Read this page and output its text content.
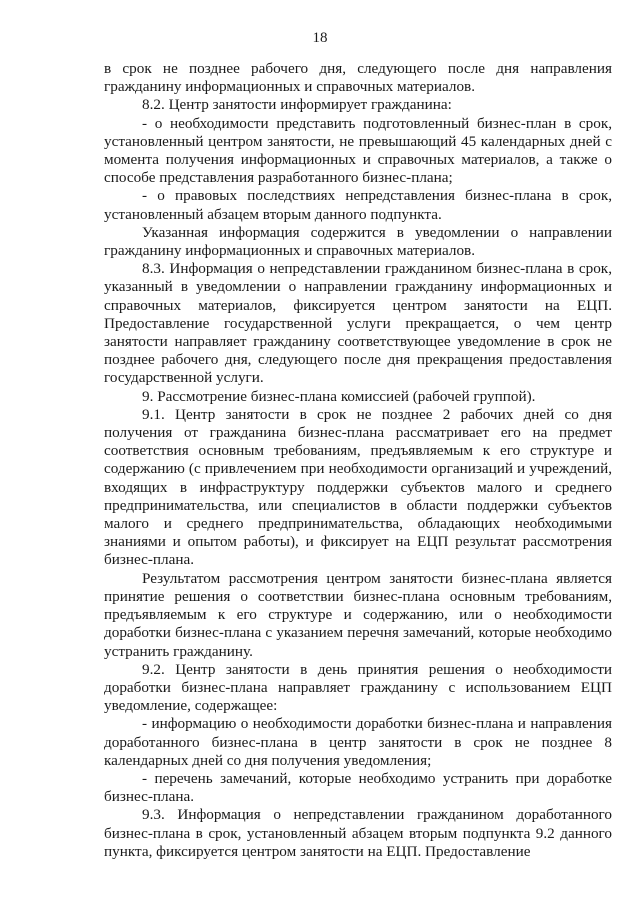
18

в срок не позднее рабочего дня, следующего после дня направления гражданину информационных и справочных материалов.

8.2. Центр занятости информирует гражданина:

- о необходимости представить подготовленный бизнес-план в срок, установленный центром занятости, не превышающий 45 календарных дней с момента получения информационных и справочных материалов, а также о способе представления разработанного бизнес-плана;

- о правовых последствиях непредставления бизнес-плана в срок, установленный абзацем вторым данного подпункта.

Указанная информация содержится в уведомлении о направлении гражданину информационных и справочных материалов.

8.3. Информация о непредставлении гражданином бизнес-плана в срок, указанный в уведомлении о направлении гражданину информационных и справочных материалов, фиксируется центром занятости на ЕЦП. Предоставление государственной услуги прекращается, о чем центр занятости направляет гражданину соответствующее уведомление в срок не позднее рабочего дня, следующего после дня прекращения предоставления государственной услуги.

9. Рассмотрение бизнес-плана комиссией (рабочей группой).

9.1. Центр занятости в срок не позднее 2 рабочих дней со дня получения от гражданина бизнес-плана рассматривает его на предмет соответствия основным требованиям, предъявляемым к его структуре и содержанию (с привлечением при необходимости организаций и учреждений, входящих в инфраструктуру поддержки субъектов малого и среднего предпринимательства, или специалистов в области поддержки субъектов малого и среднего предпринимательства, обладающих необходимыми знаниями и опытом работы), и фиксирует на ЕЦП результат рассмотрения бизнес-плана.

Результатом рассмотрения центром занятости бизнес-плана является принятие решения о соответствии бизнес-плана основным требованиям, предъявляемым к его структуре и содержанию, или о необходимости доработки бизнес-плана с указанием перечня замечаний, которые необходимо устранить гражданину.

9.2. Центр занятости в день принятия решения о необходимости доработки бизнес-плана направляет гражданину с использованием ЕЦП уведомление, содержащее:

- информацию о необходимости доработки бизнес-плана и направления доработанного бизнес-плана в центр занятости в срок не позднее 8 календарных дней со дня получения уведомления;

- перечень замечаний, которые необходимо устранить при доработке бизнес-плана.

9.3. Информация о непредставлении гражданином доработанного бизнес-плана в срок, установленный абзацем вторым подпункта 9.2 данного пункта, фиксируется центром занятости на ЕЦП. Предоставление
